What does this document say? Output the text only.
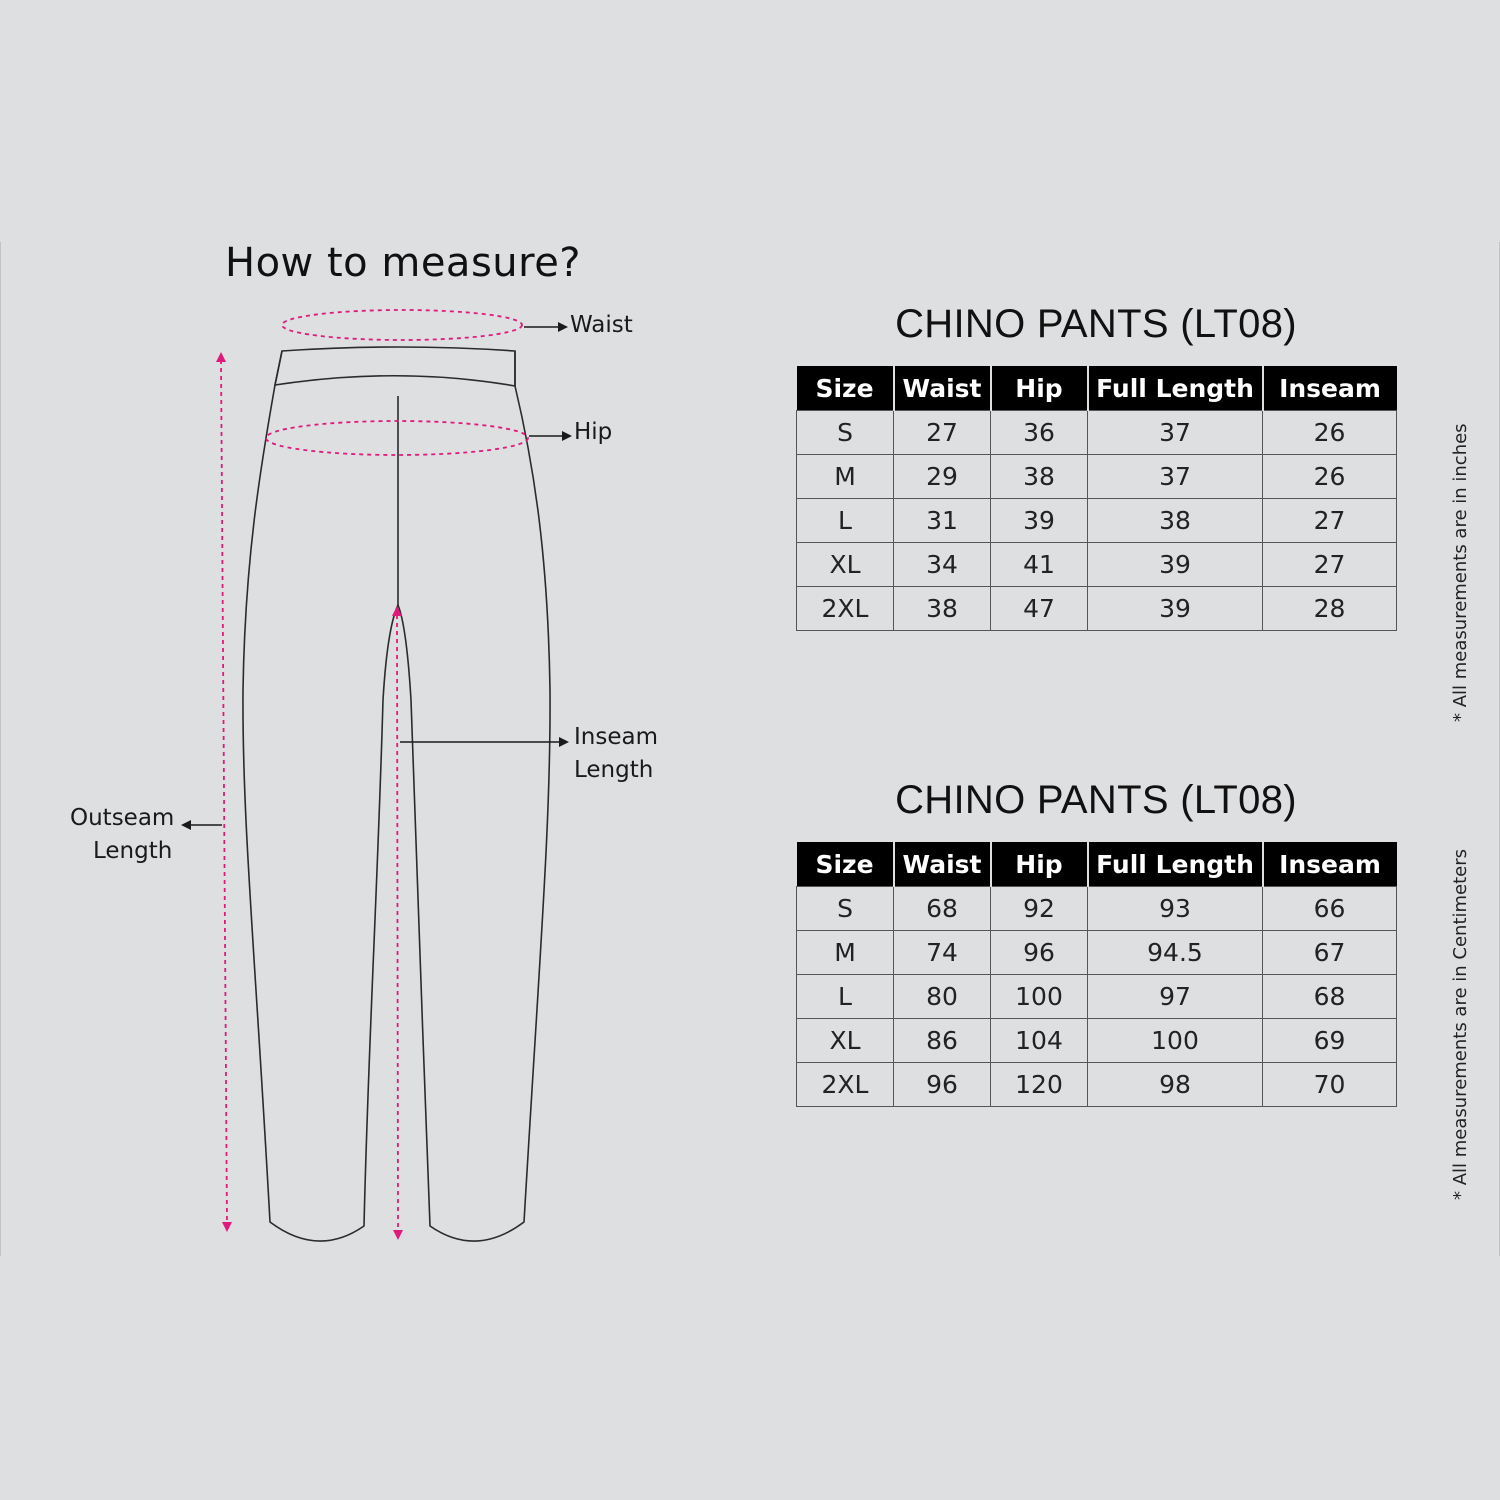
How to measure?
Waist
Hip
Inseam
Length
Outseam
Length
CHINO PANTS (LT08)
Size	Waist	Hip	Full Length	Inseam
S	27	36	37	26
M	29	38	37	26
L	31	39	38	27
XL	34	41	39	27
2XL	38	47	39	28	* All measurements are in inches
CHINO PANTS (LT08)
Size	Waist	Hip	Full Length	Inseam
S	68	92	93	66
M	74	96	94.5	67
L	80	100	97	68
XL	86	104	100	69
2XL	96	120	98	70	* All measurements are in Centimeters
